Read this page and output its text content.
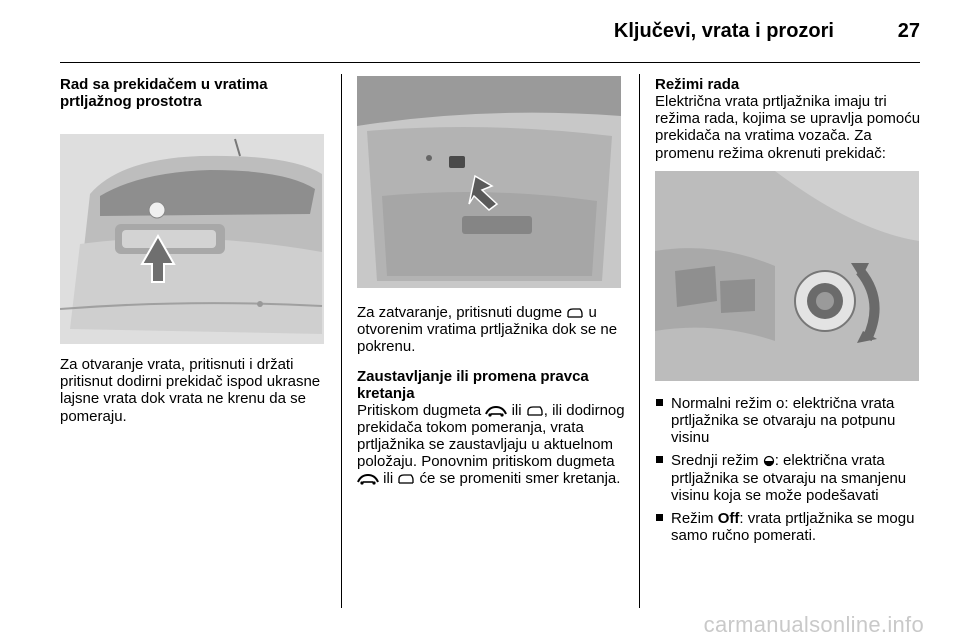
Ključevi, vrata i prozori	27
Rad sa prekidačem u vratima prtljažnog prostotra

Za otvaranje vrata, pritisnuti i držati pritisnut dodirni prekidač ispod ukrasne lajsne vrata dok vrata ne krenu da se pomeraju.

Za zatvaranje, pritisnuti dugme u otvorenim vratima prtljažnika dok se ne pokrenu.

Zaustavljanje ili promena pravca kretanja

Pritiskom dugmeta ili , ili dodirnog prekidača tokom pomeranja, vrata prtljažnika se zaustavljaju u aktuelnom položaju. Ponovnim pritiskom dugmeta  ili će se promeniti smer kretanja.

Režimi rada

Električna vrata prtljažnika imaju tri režima rada, kojima se upravlja pomoću prekidača na vratima vozača. Za promenu režima okrenuti prekidač:

Normalni režim o: električna vrata prtljažnika se otvaraju na potpunu visinu
Srednji režim : električna vrata prtljažnika se otvaraju na smanjenu visinu koja se može podešavati
Režim Off: vrata prtljažnika se mogu samo ručno pomerati.
carmanualsonline.info
